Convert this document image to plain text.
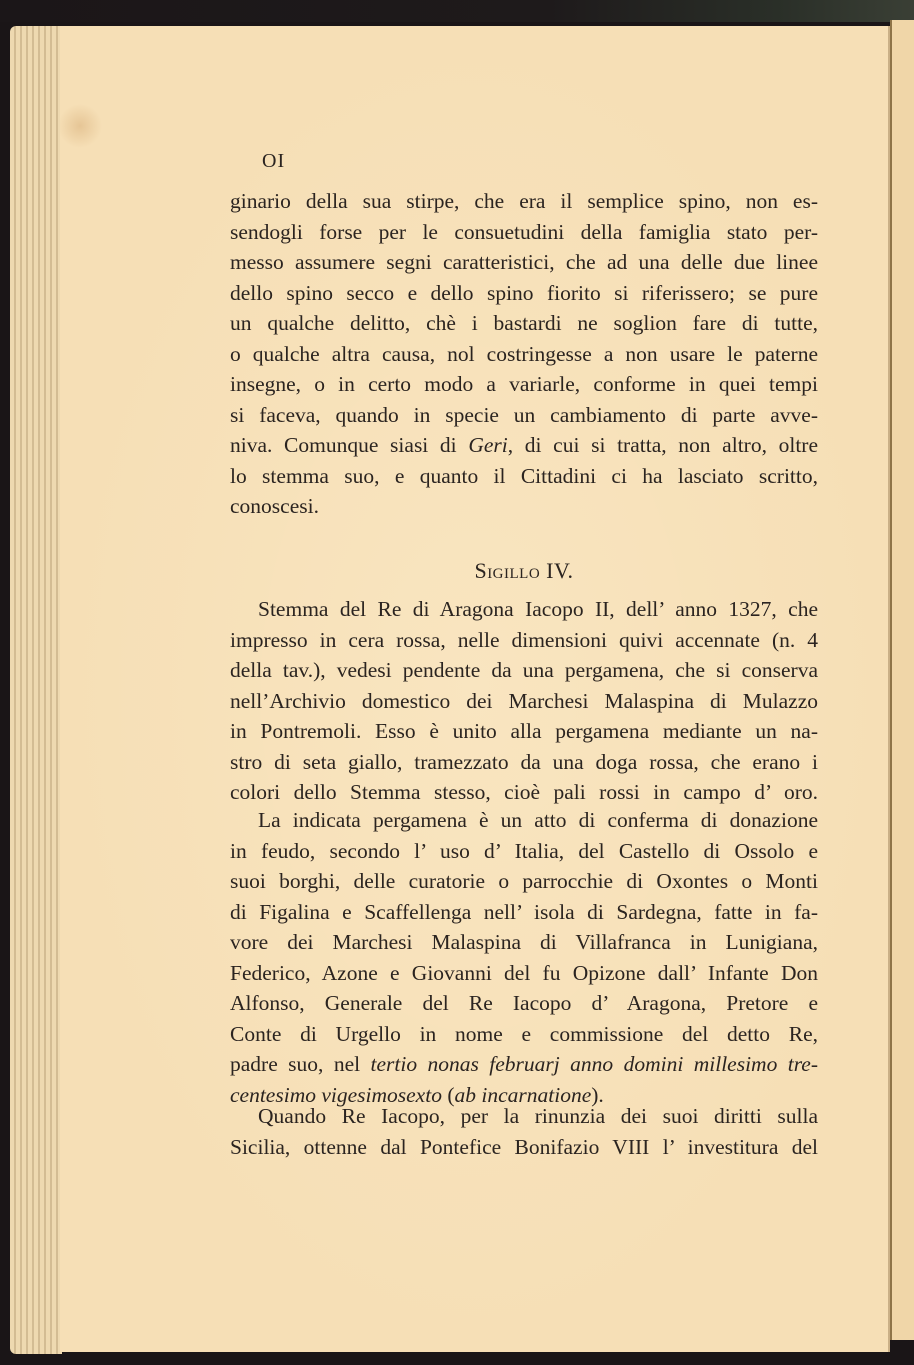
OI
ginario della sua stirpe, che era il semplice spino, non es-
sendogli forse per le consuetudini della famiglia stato per-
messo assumere segni caratteristici, che ad una delle due linee
dello spino secco e dello spino fiorito si riferissero; se pure
un qualche delitto, chè i bastardi ne soglion fare di tutte,
o qualche altra causa, nol costringesse a non usare le paterne
insegne, o in certo modo a variarle, conforme in quei tempi
si faceva, quando in specie un cambiamento di parte avve-
niva. Comunque siasi di Geri, di cui si tratta, non altro, oltre
lo stemma suo, e quanto il Cittadini ci ha lasciato scritto,
conoscesi.
Sigillo IV.
Stemma del Re di Aragona Iacopo II, dell’ anno 1327, che
impresso in cera rossa, nelle dimensioni quivi accennate (n. 4
della tav.), vedesi pendente da una pergamena, che si conserva
nell’Archivio domestico dei Marchesi Malaspina di Mulazzo
in Pontremoli. Esso è unito alla pergamena mediante un na-
stro di seta giallo, tramezzato da una doga rossa, che erano i
colori dello Stemma stesso, cioè pali rossi in campo d’ oro.
La indicata pergamena è un atto di conferma di donazione
in feudo, secondo l’ uso d’ Italia, del Castello di Ossolo e
suoi borghi, delle curatorie o parrocchie di Oxontes o Monti
di Figalina e Scaffellenga nell’ isola di Sardegna, fatte in fa-
vore dei Marchesi Malaspina di Villafranca in Lunigiana,
Federico, Azone e Giovanni del fu Opizone dall’ Infante Don
Alfonso, Generale del Re Iacopo d’ Aragona, Pretore e
Conte di Urgello in nome e commissione del detto Re,
padre suo, nel tertio nonas februarj anno domini millesimo tre-
centesimo vigesimosexto (ab incarnatione).
Quando Re Iacopo, per la rinunzia dei suoi diritti sulla
Sicilia, ottenne dal Pontefice Bonifazio VIII l’ investitura del
